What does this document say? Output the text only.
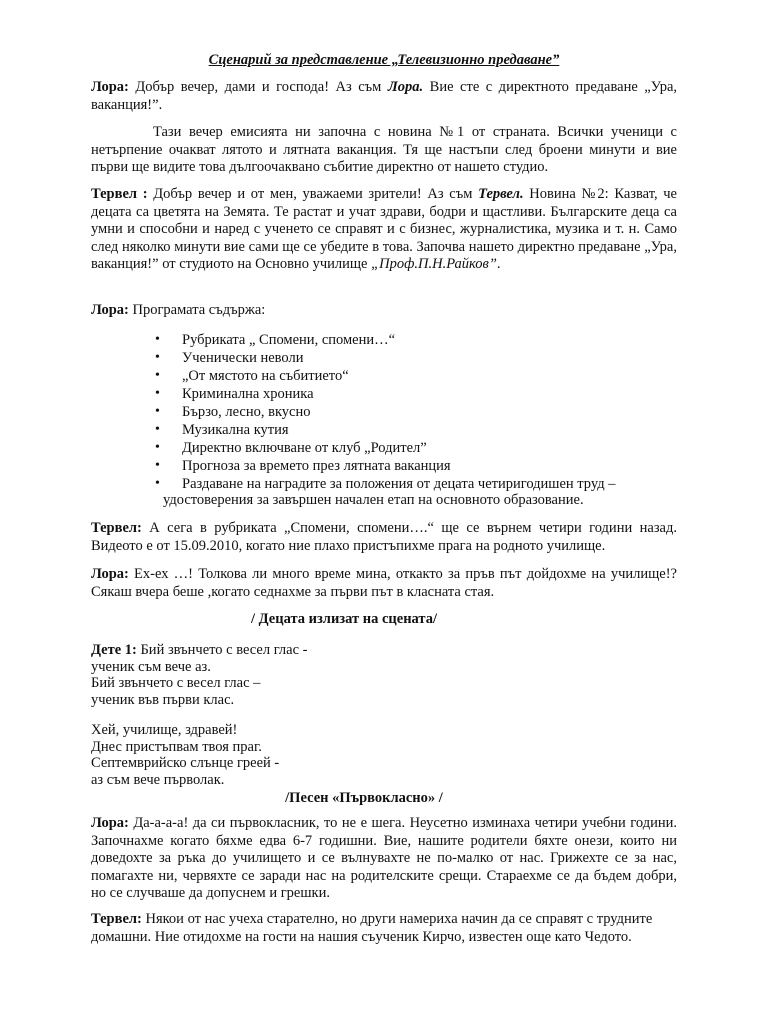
Сценарий за представление „Телевизионно предаване”

Лора: Добър вечер, дами и господа! Аз съм Лора. Вие сте с директното предаване „Ура, ваканция!”.

Тази вечер емисията ни започна с новина №1 от страната. Всички ученици с нетърпение очакват лятото и лятната ваканция. Тя ще настъпи след броени минути и вие първи ще видите това дългоочаквано събитие директно от нашето студио.

Тервел : Добър вечер и от мен, уважаеми зрители! Аз съм Тервел. Новина №2: Казват, че децата са цветята на Земята. Те растат и учат здрави, бодри и щастливи. Българските деца са умни и способни и наред с ученето се справят и с бизнес, журналистика, музика и т. н. Само след няколко минути вие сами ще се убедите в това. Започва нашето директно предаване „Ура, ваканция!” от студиото на Основно училище „Проф.П.Н.Райков”.

Лора: Програмата съдържа:

• Рубриката „ Спомени, спомени…“
• Ученически неволи
• „От мястото на събитието“
• Криминална хроника
• Бързо, лесно, вкусно
• Музикална кутия
• Директно включване от клуб „Родител”
• Прогноза за времето през лятната ваканция
• Раздаване на наградите за положения от децата четиригодишен труд –

удостоверения за завършен начален етап на основното образование.

Тервел: А сега в рубриката „Спомени, спомени….“ ще се върнем четири години назад. Видеото е от 15.09.2010, когато ние плахо пристъпихме прага на родното училище.

Лора: Ех-ех …! Толкова ли много време мина, откакто за пръв път дойдохме на училище!? Сякаш вчера беше ,когато седнахме за първи път в класната стая.

/ Децата излизат на сцената/
Дете 1: Бий звънчето с весел глас -
ученик съм вече аз.
Бий звънчето с весел глас –
ученик във първи клас.
Хей, училище, здравей!
Днес пристъпвам твоя праг.
Септемврийско слънце греей -
аз съм вече първолак.
/Песен «Първокласно» /

Лора: Да-а-а-а! да си първокласник, то не е шега. Неусетно изминаха четири учебни години. Започнахме когато бяхме едва 6-7 годишни. Вие, нашите родители бяхте онези, които ни доведохте за ръка до училището и се вълнувахте не по-малко от нас. Грижехте се за нас, помагахте ни, червяхте се заради нас на родителските срещи. Стараехме се да бъдем добри, но се случваше да допуснем и грешки.

Тервел: Някои от нас учеха старателно, но други намериха начин да се справят с трудните домашни. Ние отидохме на гости на нашия съученик Кирчо, известен още като Чедото.
